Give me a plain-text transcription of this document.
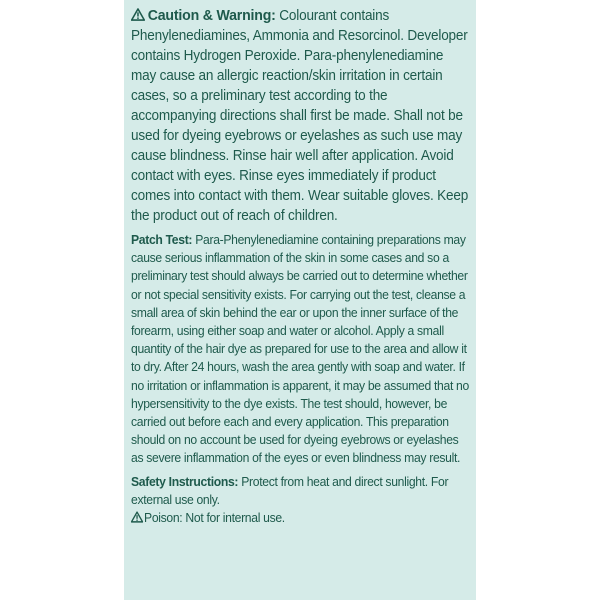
Caution & Warning: Colourant contains Phenylenediamines, Ammonia and Resorcinol. Developer contains Hydrogen Peroxide. Para-phenylenediamine may cause an allergic reaction/skin irritation in certain cases, so a preliminary test according to the accompanying directions shall first be made. Shall not be used for dyeing eyebrows or eyelashes as such use may cause blindness. Rinse hair well after application. Avoid contact with eyes. Rinse eyes immediately if product comes into contact with them. Wear suitable gloves. Keep the product out of reach of children.

Patch Test: Para-Phenylenediamine containing preparations may cause serious inflammation of the skin in some cases and so a preliminary test should always be carried out to determine whether or not special sensitivity exists. For carrying out the test, cleanse a small area of skin behind the ear or upon the inner surface of the forearm, using either soap and water or alcohol. Apply a small quantity of the hair dye as prepared for use to the area and allow it to dry. After 24 hours, wash the area gently with soap and water. If no irritation or inflammation is apparent, it may be assumed that no hypersensitivity to the dye exists. The test should, however, be carried out before each and every application. This preparation should on no account be used for dyeing eyebrows or eyelashes as severe inflammation of the eyes or even blindness may result.

Safety Instructions: Protect from heat and direct sunlight. For external use only.

Poison: Not for internal use.
